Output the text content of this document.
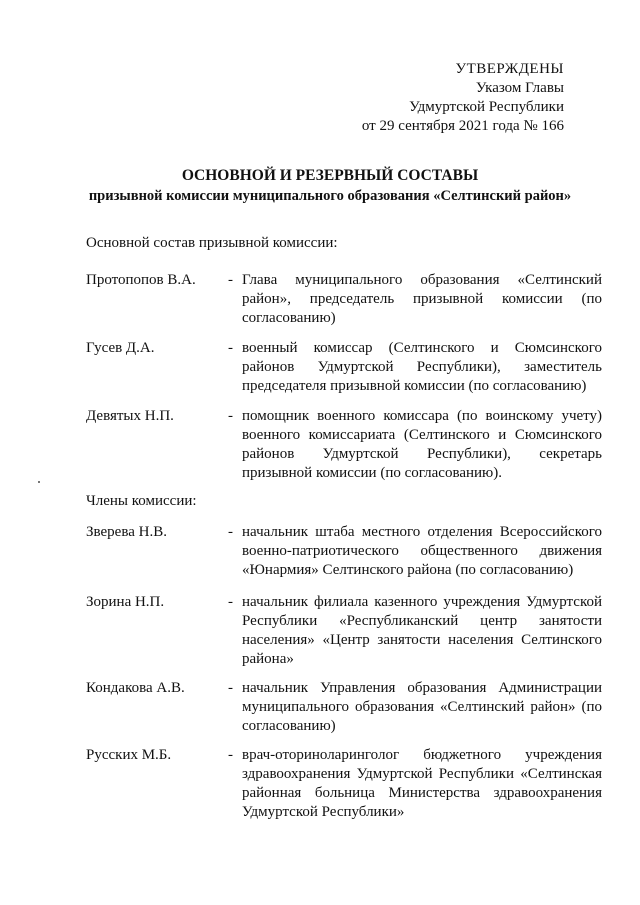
УТВЕРЖДЕНЫ
Указом Главы
Удмуртской Республики
от 29 сентября 2021 года № 166
ОСНОВНОЙ И РЕЗЕРВНЫЙ СОСТАВЫ
призывной комиссии муниципального образования «Селтинский район»
Основной состав призывной комиссии:
Протопопов В.А. - Глава муниципального образования «Селтинский район», председатель призывной комиссии (по согласованию)
Гусев Д.А.	- военный комиссар (Селтинского и Сюмсинского районов Удмуртской Республики), заместитель председателя призывной комиссии (по согласованию)
Девятых Н.П.	- помощник военного комиссара (по воинскому учету) военного комиссариата (Селтинского и Сюмсинского районов Удмуртской Республики), секретарь призывной комиссии (по согласованию).
Члены комиссии:
Зверева Н.В.	- начальник штаба местного отделения Всероссийского военно-патриотического общественного движения «Юнармия» Селтинского района (по согласованию)
Зорина Н.П.	- начальник филиала казенного учреждения Удмуртской Республики «Республиканский центр занятости населения» «Центр занятости населения Селтинского района»
Кондакова А.В.	- начальник Управления образования Администрации муниципального образования «Селтинский район» (по согласованию)
Русских М.Б.	- врач-оториноларинголог бюджетного учреждения здравоохранения Удмуртской Республики «Селтинская районная больница Министерства здравоохранения Удмуртской Республики»
